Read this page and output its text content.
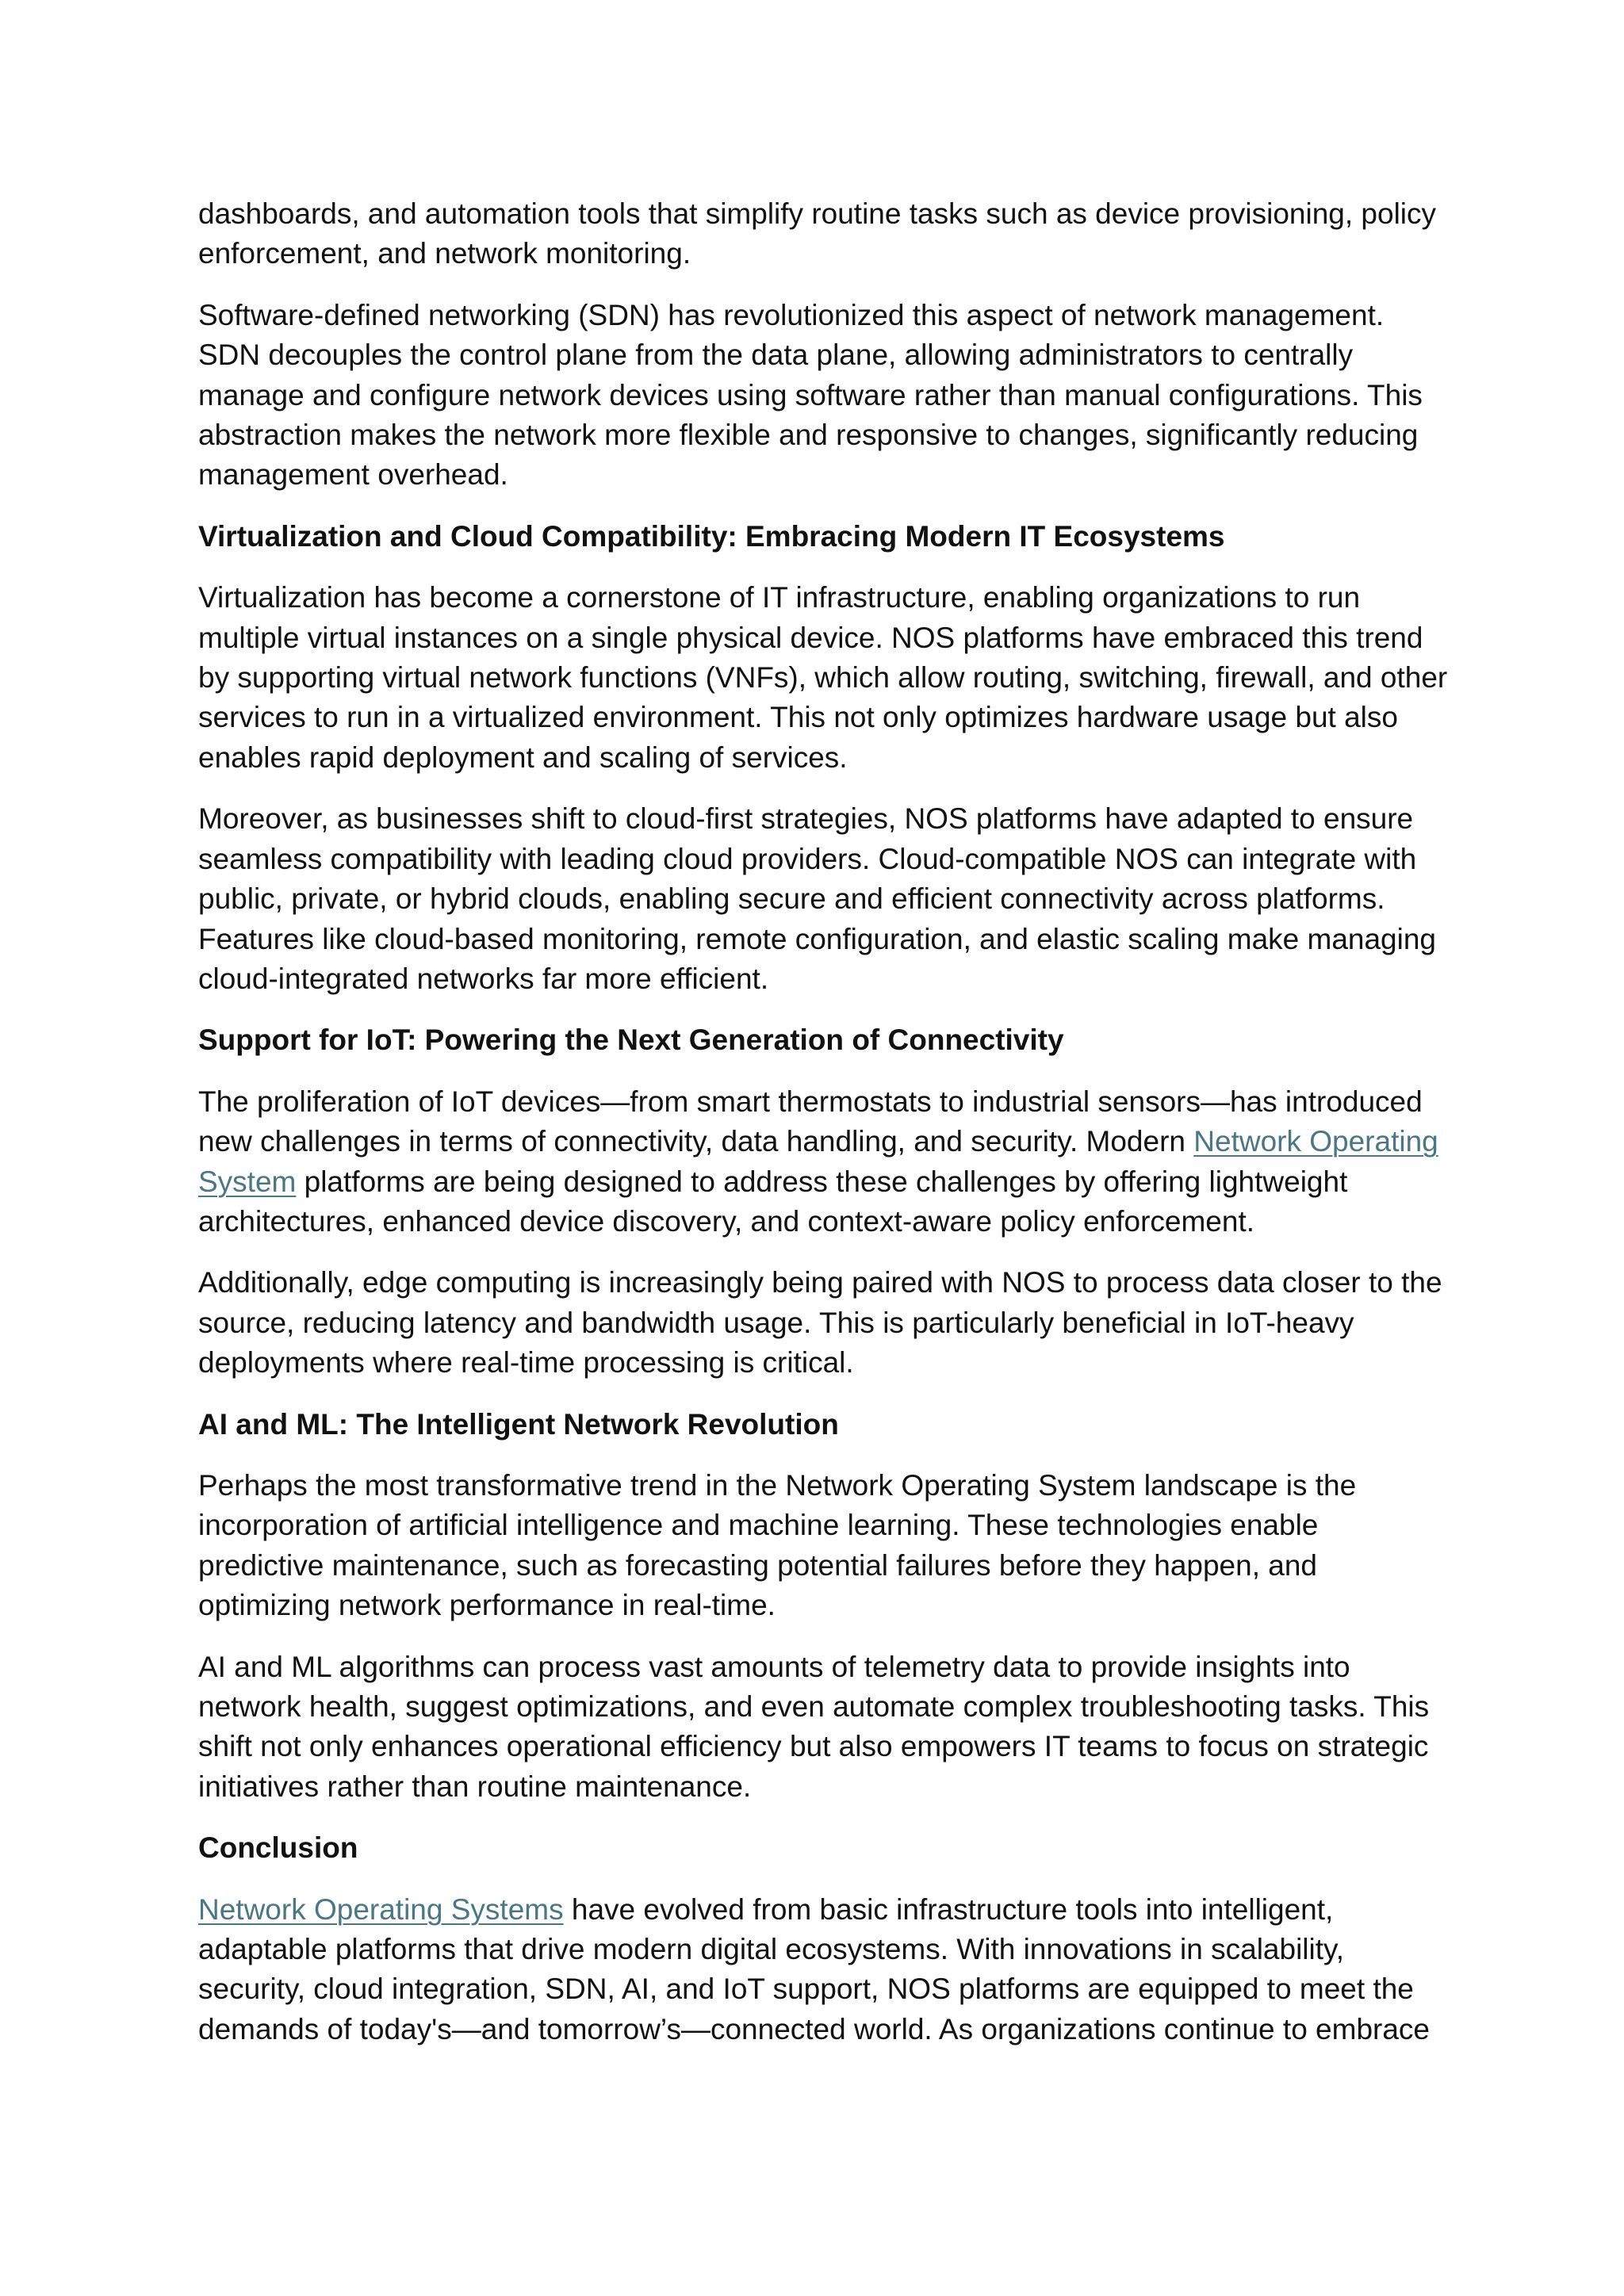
dashboards, and automation tools that simplify routine tasks such as device provisioning, policy enforcement, and network monitoring.

Software-defined networking (SDN) has revolutionized this aspect of network management. SDN decouples the control plane from the data plane, allowing administrators to centrally manage and configure network devices using software rather than manual configurations. This abstraction makes the network more flexible and responsive to changes, significantly reducing management overhead.

Virtualization and Cloud Compatibility: Embracing Modern IT Ecosystems

Virtualization has become a cornerstone of IT infrastructure, enabling organizations to run multiple virtual instances on a single physical device. NOS platforms have embraced this trend by supporting virtual network functions (VNFs), which allow routing, switching, firewall, and other services to run in a virtualized environment. This not only optimizes hardware usage but also enables rapid deployment and scaling of services.

Moreover, as businesses shift to cloud-first strategies, NOS platforms have adapted to ensure seamless compatibility with leading cloud providers. Cloud-compatible NOS can integrate with public, private, or hybrid clouds, enabling secure and efficient connectivity across platforms. Features like cloud-based monitoring, remote configuration, and elastic scaling make managing cloud-integrated networks far more efficient.

Support for IoT: Powering the Next Generation of Connectivity

The proliferation of IoT devices—from smart thermostats to industrial sensors—has introduced new challenges in terms of connectivity, data handling, and security. Modern Network Operating System platforms are being designed to address these challenges by offering lightweight architectures, enhanced device discovery, and context-aware policy enforcement.

Additionally, edge computing is increasingly being paired with NOS to process data closer to the source, reducing latency and bandwidth usage. This is particularly beneficial in IoT-heavy deployments where real-time processing is critical.

AI and ML: The Intelligent Network Revolution

Perhaps the most transformative trend in the Network Operating System landscape is the incorporation of artificial intelligence and machine learning. These technologies enable predictive maintenance, such as forecasting potential failures before they happen, and optimizing network performance in real-time.

AI and ML algorithms can process vast amounts of telemetry data to provide insights into network health, suggest optimizations, and even automate complex troubleshooting tasks. This shift not only enhances operational efficiency but also empowers IT teams to focus on strategic initiatives rather than routine maintenance.

Conclusion

Network Operating Systems have evolved from basic infrastructure tools into intelligent, adaptable platforms that drive modern digital ecosystems. With innovations in scalability, security, cloud integration, SDN, AI, and IoT support, NOS platforms are equipped to meet the demands of today's—and tomorrow’s—connected world. As organizations continue to embrace
